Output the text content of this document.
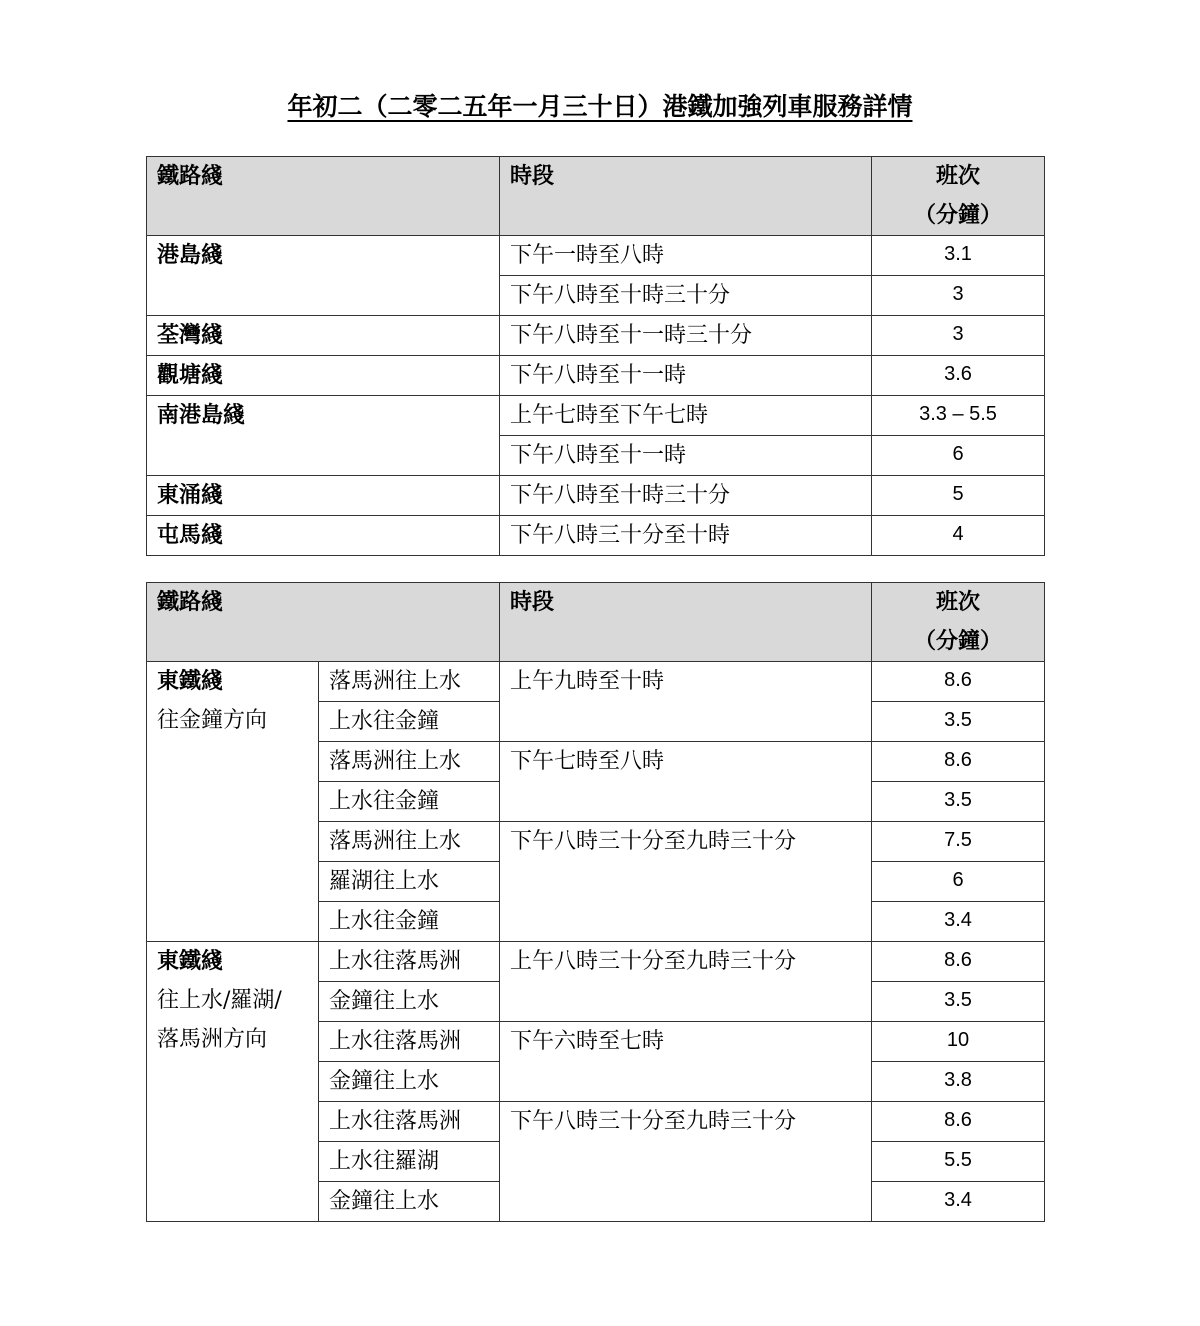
年初二（二零二五年一月三十日）港鐵加強列車服務詳情
鐵路綫	時段	班次
（分鐘）

港島綫	下午一時至八時	3.1
	下午八時至十時三十分	3
荃灣綫	下午八時至十一時三十分	3
觀塘綫	下午八時至十一時	3.6
南港島綫	上午七時至下午七時	3.3 – 5.5
	下午八時至十一時	6
東涌綫	下午八時至十時三十分	5
屯馬綫	下午八時三十分至十時	4
鐵路綫		時段	班次
（分鐘）

東鐵綫
往金鐘方向	落馬洲往上水	上午九時至十時	8.6
	上水往金鐘		3.5
	落馬洲往上水	下午七時至八時	8.6
	上水往金鐘		3.5
	落馬洲往上水	下午八時三十分至九時三十分	7.5
	羅湖往上水		6
	上水往金鐘		3.4

東鐵綫
往上水/羅湖/
落馬洲方向	上水往落馬洲	上午八時三十分至九時三十分	8.6
	金鐘往上水		3.5
	上水往落馬洲	下午六時至七時	10
	金鐘往上水		3.8
	上水往落馬洲	下午八時三十分至九時三十分	8.6
	上水往羅湖		5.5
	金鐘往上水		3.4
